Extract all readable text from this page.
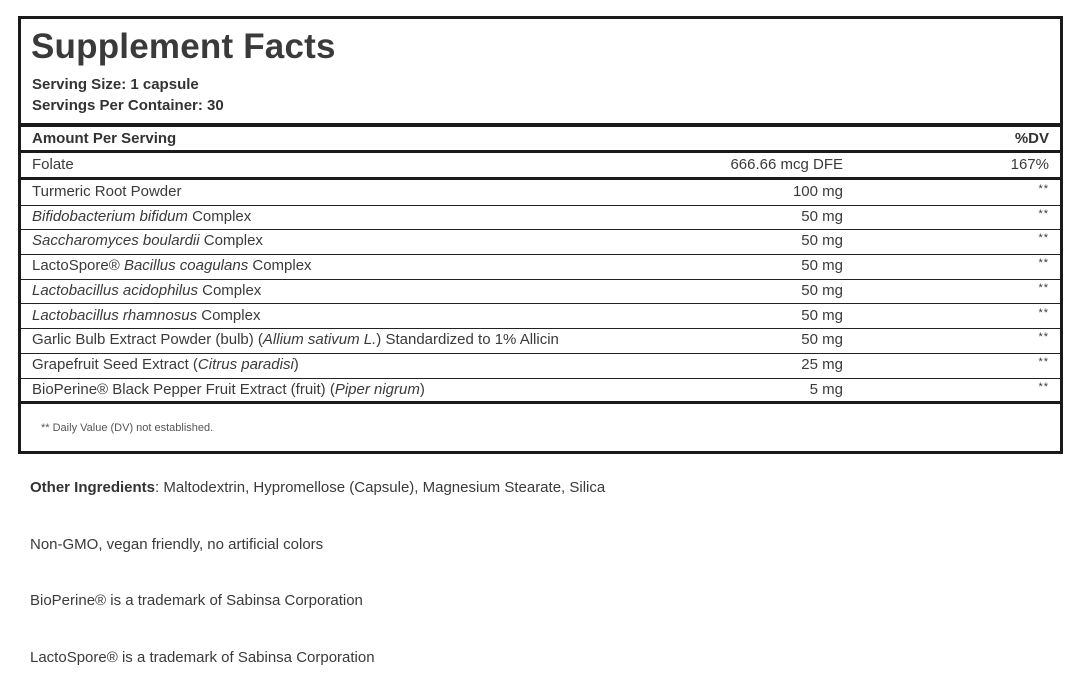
Supplement Facts
Serving Size: 1 capsule
Servings Per Container: 30
Amount Per Serving	%DV
Folate	666.66 mcg DFE	167%
Turmeric Root Powder	100 mg	**
Bifidobacterium bifidum Complex	50 mg	**
Saccharomyces boulardii Complex	50 mg	**
LactoSpore® Bacillus coagulans Complex	50 mg	**
Lactobacillus acidophilus Complex	50 mg	**
Lactobacillus rhamnosus Complex	50 mg	**
Garlic Bulb Extract Powder (bulb) (Allium sativum L.) Standardized to 1% Allicin	50 mg	**
Grapefruit Seed Extract (Citrus paradisi)	25 mg	**
BioPerine® Black Pepper Fruit Extract (fruit) (Piper nigrum)	5 mg	**
** Daily Value (DV) not established.
Other Ingredients: Maltodextrin, Hypromellose (Capsule), Magnesium Stearate, Silica
Non-GMO, vegan friendly, no artificial colors
BioPerine® is a trademark of Sabinsa Corporation
LactoSpore® is a trademark of Sabinsa Corporation
